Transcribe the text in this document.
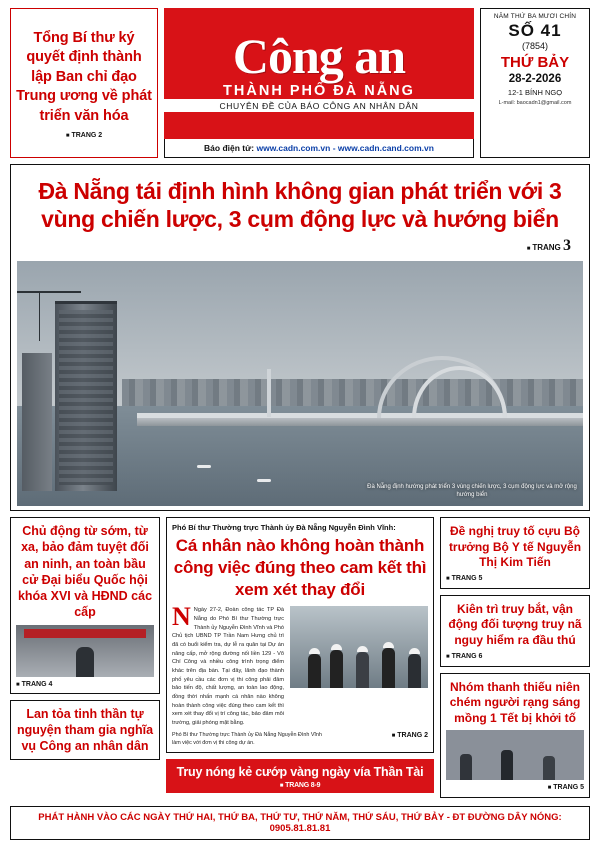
Tổng Bí thư ký quyết định thành lập Ban chỉ đạo Trung ương về phát triển văn hóa
■ TRANG 2
Công an
THÀNH PHỐ ĐÀ NẴNG
CHUYÊN ĐỀ CỦA BÁO CÔNG AN NHÂN DÂN
Báo điện tử: www.cadn.com.vn - www.cadn.cand.com.vn
NĂM THỨ BA MƯƠI CHÍN
SỐ 41
(7854)
THỨ BẢY
28-2-2026
12-1 BÍNH NGỌ
L-mail: baocadn1@gmail.com
Đà Nẵng tái định hình không gian phát triển với 3 vùng chiến lược, 3 cụm động lực và hướng biển
■ TRANG 3
Đà Nẵng định hướng phát triển 3 vùng chiến lược, 3 cụm động lực và mở rộng hướng biển
Chủ động từ sớm, từ xa, bảo đảm tuyệt đối an ninh, an toàn bầu cử Đại biểu Quốc hội khóa XVI và HĐND các cấp
■ TRANG 4
Lan tỏa tinh thần tự nguyện tham gia nghĩa vụ Công an nhân dân
Phó Bí thư Thường trực Thành ủy Đà Nẵng Nguyễn Đình Vĩnh:
Cá nhân nào không hoàn thành công việc đúng theo cam kết thì xem xét thay đổi
N Ngày 27-2, Đoàn công tác TP Đà Nẵng do Phó Bí thư Thường trực Thành ủy Nguyễn Đình Vĩnh và Phó Chủ tịch UBND TP Trần Nam Hưng chủ trì đã có buổi kiểm tra, dự lễ ra quân tại Dự án nâng cấp, mở rộng đường nối liền 129 - Võ Chí Công và nhiều công trình trọng điểm khác trên địa bàn. Tại đây, lãnh đạo thành phố yêu cầu các đơn vị thi công phải đảm bảo tiến độ, chất lượng, an toàn lao động, đồng thời nhấn mạnh cá nhân nào không hoàn thành công việc đúng theo cam kết thì xem xét thay đổi vị trí công tác, bảo đảm môi trường, giải phóng mặt bằng.
Phó Bí thư Thường trực Thành ủy Đà Nẵng Nguyễn Đình Vĩnh làm việc với đơn vị thi công dự án.
■ TRANG 2
Truy nóng kẻ cướp vàng ngày vía Thần Tài
■ TRANG 8-9
Đề nghị truy tố cựu Bộ trưởng Bộ Y tế Nguyễn Thị Kim Tiến
■ TRANG 5
Kiên trì truy bắt, vận động đối tượng truy nã nguy hiểm ra đầu thú
■ TRANG 6
Nhóm thanh thiếu niên chém người rạng sáng mồng 1 Tết bị khởi tố
■ TRANG 5
PHÁT HÀNH VÀO CÁC NGÀY THỨ HAI, THỨ BA, THỨ TƯ, THỨ NĂM, THỨ SÁU, THỨ BẢY - ĐT ĐƯỜNG DÂY NÓNG: 0905.81.81.81
